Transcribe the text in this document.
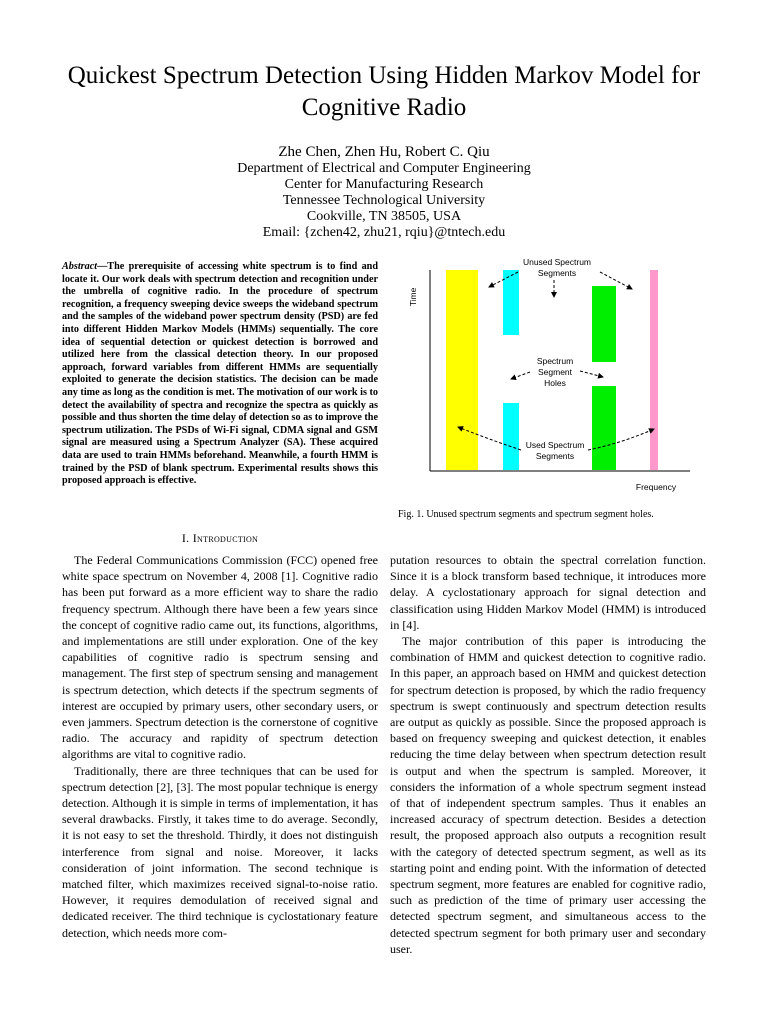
Quickest Spectrum Detection Using Hidden Markov Model for Cognitive Radio
Zhe Chen, Zhen Hu, Robert C. Qiu
Department of Electrical and Computer Engineering
Center for Manufacturing Research
Tennessee Technological University
Cookville, TN 38505, USA
Email: {zchen42, zhu21, rqiu}@tntech.edu
Abstract—The prerequisite of accessing white spectrum is to find and locate it. Our work deals with spectrum detection and recognition under the umbrella of cognitive radio. In the procedure of spectrum recognition, a frequency sweeping device sweeps the wideband spectrum and the samples of the wideband power spectrum density (PSD) are fed into different Hidden Markov Models (HMMs) sequentially. The core idea of sequential detection or quickest detection is borrowed and utilized here from the classical detection theory. In our proposed approach, forward variables from different HMMs are sequentially exploited to generate the decision statistics. The decision can be made any time as long as the condition is met. The motivation of our work is to detect the availability of spectra and recognize the spectra as quickly as possible and thus shorten the time delay of detection so as to improve the spectrum utilization. The PSDs of Wi-Fi signal, CDMA signal and GSM signal are measured using a Spectrum Analyzer (SA). These acquired data are used to train HMMs beforehand. Meanwhile, a fourth HMM is trained by the PSD of blank spectrum. Experimental results shows this proposed approach is effective.
I. Introduction

The Federal Communications Commission (FCC) opened free white space spectrum on November 4, 2008 [1]. Cognitive radio has been put forward as a more efficient way to share the radio frequency spectrum. Although there have been a few years since the concept of cognitive radio came out, its functions, algorithms, and implementations are still under exploration. One of the key capabilities of cognitive radio is spectrum sensing and management. The first step of spectrum sensing and management is spectrum detection, which detects if the spectrum segments of interest are occupied by primary users, other secondary users, or even jammers. Spectrum detection is the cornerstone of cognitive radio. The accuracy and rapidity of spectrum detection algorithms are vital to cognitive radio.

Traditionally, there are three techniques that can be used for spectrum detection [2], [3]. The most popular technique is energy detection. Although it is simple in terms of implementation, it has several drawbacks. Firstly, it takes time to do average. Secondly, it is not easy to set the threshold. Thirdly, it does not distinguish interference from signal and noise. Moreover, it lacks consideration of joint information. The second technique is matched filter, which maximizes received signal-to-noise ratio. However, it requires demodulation of received signal and dedicated receiver. The third technique is cyclostationary feature detection, which needs more com-

putation resources to obtain the spectral correlation function. Since it is a block transform based technique, it introduces more delay. A cyclostationary approach for signal detection and classification using Hidden Markov Model (HMM) is introduced in [4].

The major contribution of this paper is introducing the combination of HMM and quickest detection to cognitive radio. In this paper, an approach based on HMM and quickest detection for spectrum detection is proposed, by which the radio frequency spectrum is swept continuously and spectrum detection results are output as quickly as possible. Since the proposed approach is based on frequency sweeping and quickest detection, it enables reducing the time delay between when spectrum detection result is output and when the spectrum is sampled. Moreover, it considers the information of a whole spectrum segment instead of that of independent spectrum samples. Thus it enables an increased accuracy of spectrum detection. Besides a detection result, the proposed approach also outputs a recognition result with the category of detected spectrum segment, as well as its starting point and ending point. With the information of detected spectrum segment, more features are enabled for cognitive radio, such as prediction of the time of primary user accessing the detected spectrum segment, and simultaneous access to the detected spectrum segment for both primary user and secondary user.

Time
Frequency
Unused Spectrum
Segments
Spectrum
Segment
Holes
Used Spectrum
Segments
Fig. 1. Unused spectrum segments and spectrum segment holes.
